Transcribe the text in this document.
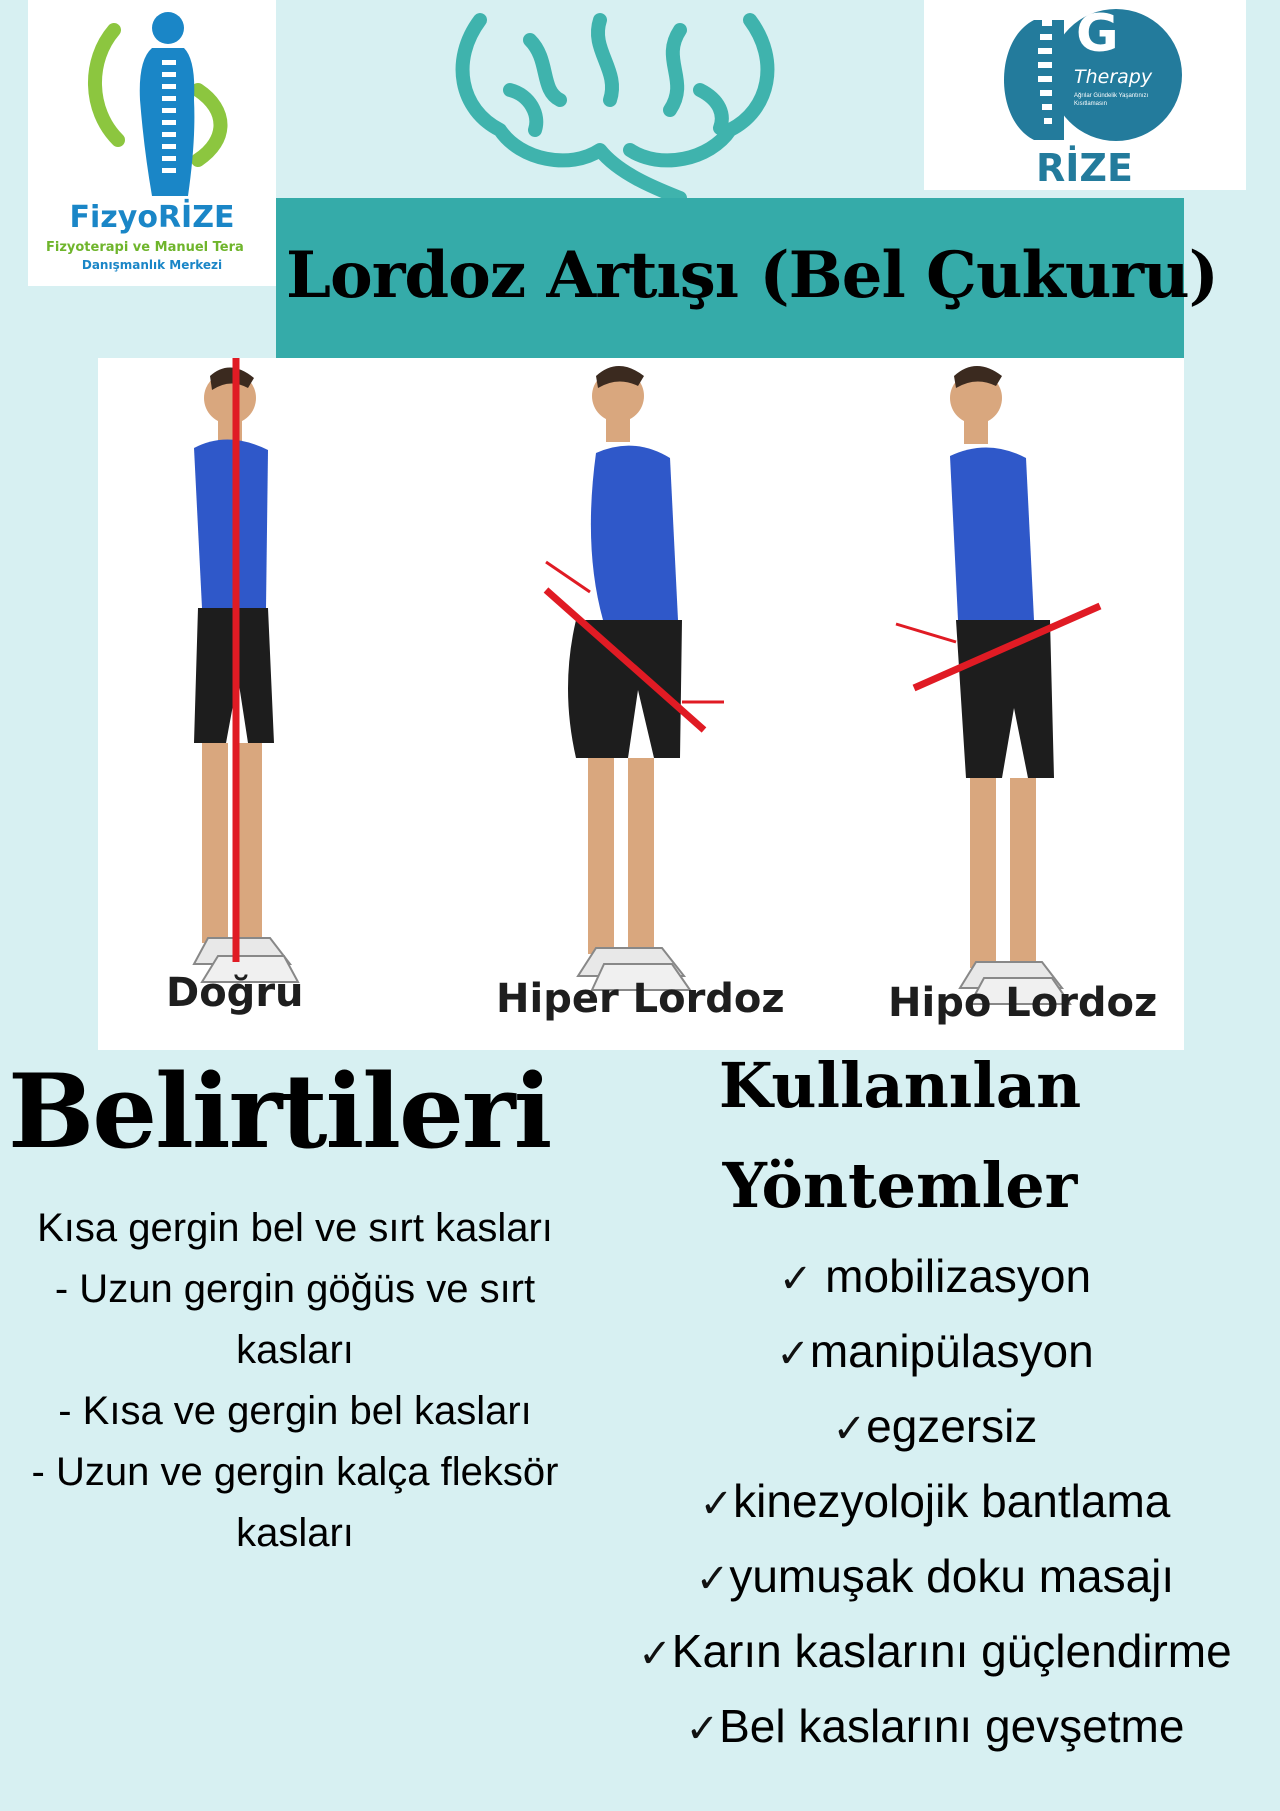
FizyoRİZE
Fizyoterapi ve Manuel Tera
Danışmanlık Merkezi
G
Therapy
Ağrılar Gündelik Yaşantınızı Kısıtlamasın
RİZE
Lordoz Artışı (Bel Çukuru)
Doğru	Hiper Lordoz	Hipo Lordoz
Belirtileri
Kısa gergin bel ve sırt kasları
- Uzun gergin göğüs ve sırt
kasları
- Kısa ve gergin bel kasları
- Uzun ve gergin kalça fleksör
kasları
Kullanılan
Yöntemler
✓ mobilizasyon
✓manipülasyon
✓egzersiz
✓kinezyolojik bantlama
✓yumuşak doku masajı
✓Karın kaslarını güçlendirme
✓Bel kaslarını gevşetme
